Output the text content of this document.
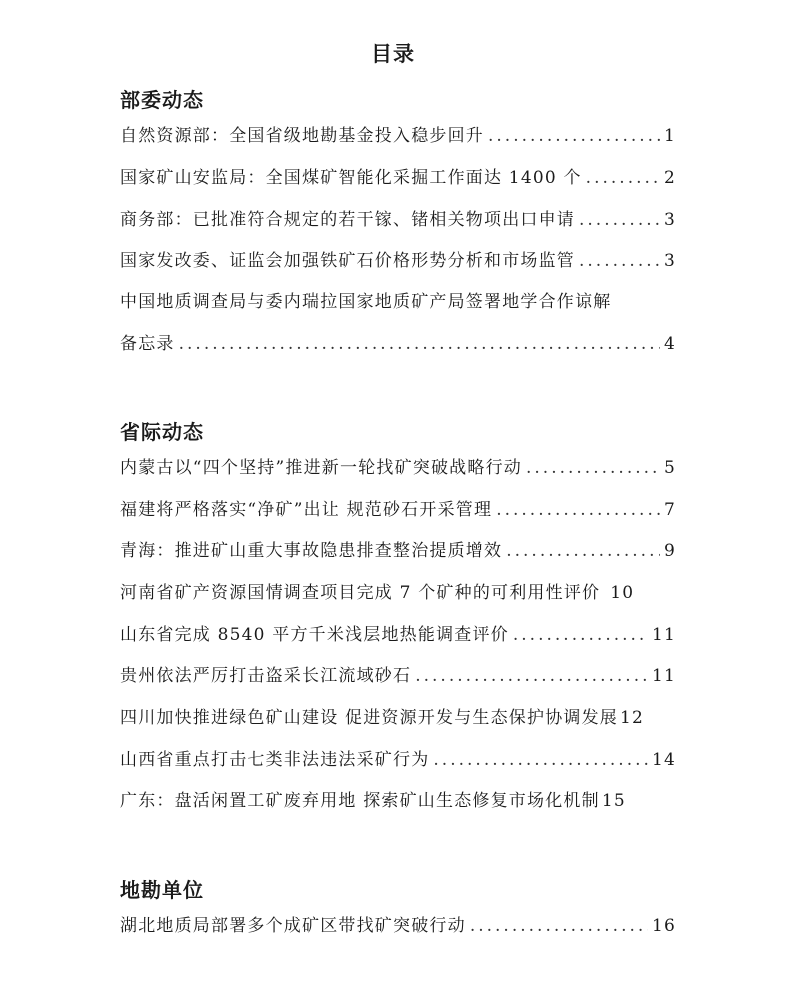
目录
部委动态
自然资源部：全国省级地勘基金投入稳步回升 .....	1
国家矿山安监局：全国煤矿智能化采掘工作面达 1400 个 .....	2
商务部：已批准符合规定的若干镓、锗相关物项出口申请 .....	3
国家发改委、证监会加强铁矿石价格形势分析和市场监管 .....	3
中国地质调查局与委内瑞拉国家地质矿产局签署地学合作谅解
备忘录 .....	4
省际动态
内蒙古以“四个坚持”推进新一轮找矿突破战略行动 .....	5
福建将严格落实“净矿”出让 规范砂石开采管理 .....	7
青海：推进矿山重大事故隐患排查整治提质增效 .....	9
河南省矿产资源国情调查项目完成 7 个矿种的可利用性评价 10
山东省完成 8540 平方千米浅层地热能调查评价 .....	11
贵州依法严厉打击盗采长江流域砂石 .....	11
四川加快推进绿色矿山建设 促进资源开发与生态保护协调发展 12
山西省重点打击七类非法违法采矿行为 .....	14
广东：盘活闲置工矿废弃用地 探索矿山生态修复市场化机制 15
地勘单位
湖北地质局部署多个成矿区带找矿突破行动 .....	16
